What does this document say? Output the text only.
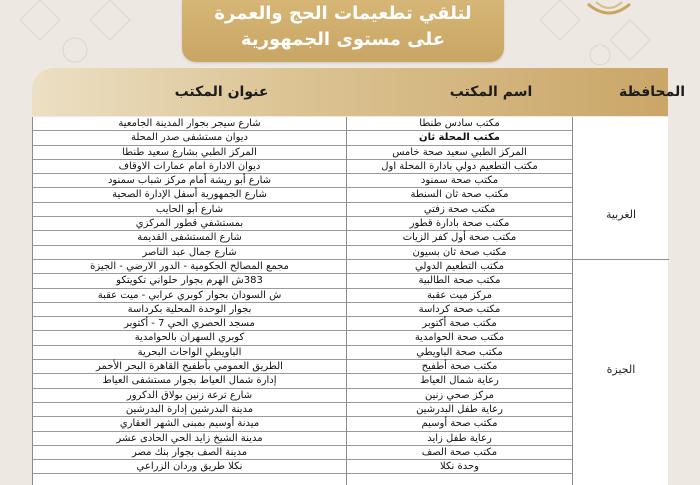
لتلقي تطعيمات الحج والعمرة
على مستوى الجمهورية
المحافظة
اسم المكتب
عنوان المكتب
الغربية
الجيزة
مكتب سادس طنطا
مكتب المحلة ثان
المركز الطبي سعيد صحة خامس
مكتب التطعيم دولي بادارة المحلة اول
مكتب صحة سمنود
مكتب صحة ثان السنطة
مكتب صحة زفتي
مكتب صحة بادارة قطور
مكتب صحة أول كفر الزيات
مكتب صحة ثان بسيون
مكتب التطعيم الدولي
مكتب صحة الطالبية
مركز ميت عقبة
مكتب صحة كرداسة
مكتب صحة أكتوبر
مكتب صحة الحوامدية
مكتب صحة الباويطي
مكتب صحة أطفيح
رعاية شمال العياط
مركز صحي زنين
رعاية طفل البدرشين
مكتب صحة أوسيم
رعاية طفل زايد
مكتب صحة الصف
وحدة نكلا
شارع سيجر بجوار المدينة الجامعية
ديوان مستشفى صدر المحلة
المركز الطبي بشارع سعيد طنطا
ديوان الادارة امام عمارات الاوقاف
شارع أبو ريشة أمام مركز شباب سمنود
شارع الجمهورية أسفل الإدارة الصحية
شارع أبو الحايب
بمستشفي قطور المركزي
شارع المستشفى القديمة
شارع جمال عبد الناصر
مجمع المصالح الحكومية - الدور الارضي - الجيزة
383ش الهرم بجوار حلواني تكويتكو
ش السودان بجوار كوبري عرابي - ميت عقبة
بجوار الوحدة المحلية بكرداسة
مسجد الحصري الحي 7 - أكتوبر
كوبري السهران بالحوامدية
الباويطي الواحات البحرية
الطريق العمومي بأطفيح القاهرة البحر الأحمر
إدارة شمال العياط بجوار مستشفى العياط
شارع ترعة زنين بولاق الدكرور
مدينة البدرشين إدارة البدرشين
ميدنة أوسيم بمبنى الشهر العقاري
مدينة الشيخ زايد الحي الحادى عشر
مدينة الصف بجوار بنك مصر
نكلا طريق وردان الزراعي
